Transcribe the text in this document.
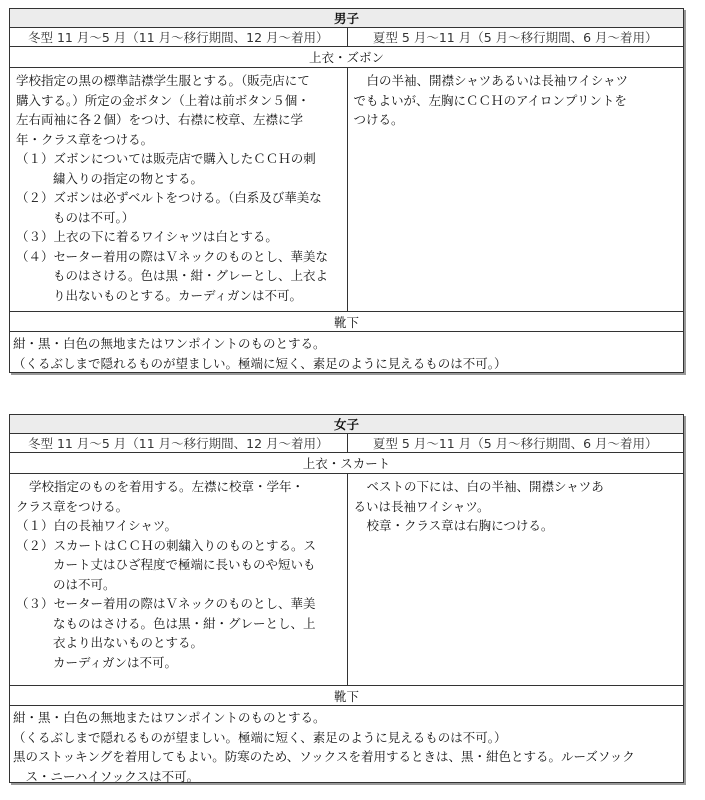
男子
冬型 11 月～5 月（11 月～移行期間、12 月～着用）	夏型 5 月～11 月（5 月～移行期間、6 月～着用）
上衣・ズボン
学校指定の黒の標準詰襟学生服とする。（販売店にて
購入する。）所定の金ボタン（上着は前ボタン５個・
左右両袖に各２個）をつけ、右襟に校章、左襟に学
年・クラス章をつける。
（１）ズボンについては販売店で購入したＣＣＨの刺
繍入りの指定の物とする。
（２）ズボンは必ずベルトをつける。（白系及び華美な
ものは不可。）
（３）上衣の下に着るワイシャツは白とする。
（４）セーター着用の際はＶネックのものとし、華美な
ものはさける。色は黒・紺・グレーとし、上衣よ
り出ないものとする。カーディガンは不可。
白の半袖、開襟シャツあるいは長袖ワイシャツ
でもよいが、左胸にＣＣＨのアイロンプリントを
つける。
靴下
紺・黒・白色の無地またはワンポイントのものとする。
（くるぶしまで隠れるものが望ましい。極端に短く、素足のように見えるものは不可。）
女子
冬型 11 月～5 月（11 月～移行期間、12 月～着用）	夏型 5 月～11 月（5 月～移行期間、6 月～着用）
上衣・スカート
学校指定のものを着用する。左襟に校章・学年・
クラス章をつける。
（１）白の長袖ワイシャツ。
（２）スカートはＣＣＨの刺繍入りのものとする。ス
カート丈はひざ程度で極端に長いものや短いも
のは不可。
（３）セーター着用の際はＶネックのものとし、華美
なものはさける。色は黒・紺・グレーとし、上
衣より出ないものとする。
カーディガンは不可。
ベストの下には、白の半袖、開襟シャツあ
るいは長袖ワイシャツ。
校章・クラス章は右胸につける。
靴下
紺・黒・白色の無地またはワンポイントのものとする。
（くるぶしまで隠れるものが望ましい。極端に短く、素足のように見えるものは不可。）
黒のストッキングを着用してもよい。防寒のため、ソックスを着用するときは、黒・紺色とする。ルーズソック
　ス・ニーハイソックスは不可。
